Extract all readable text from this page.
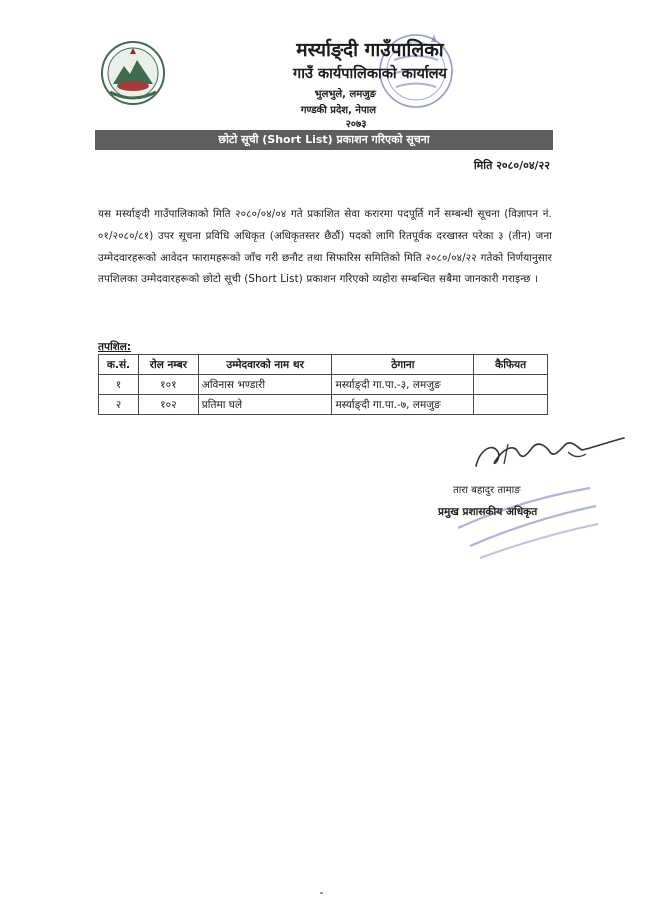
मर्स्याङ्दी गाउँपालिका
गाउँ कार्यपालिकाको कार्यालय
भुलभुले, लमजुङ
गण्डकी प्रदेश, नेपाल
२०७३
छोटो सूची (Short List) प्रकाशन गरिएको सूचना
मिति २०८०/०४/२२
यस मर्स्याङ्दी गाउँपालिकाको मिति २०८०/०४/०४ गते प्रकाशित सेवा करारमा पदपूर्ति गर्ने सम्बन्धी सूचना (विज्ञापन नं. ०१/२०८०/८१) उपर सूचना प्रविधि अधिकृत (अधिकृतस्तर छैठौं) पदको लागि रितपूर्वक दरखास्त परेका ३ (तीन) जना उम्मेदवारहरूको आवेदन फारामहरूको जाँच गरी छनौट तथा सिफारिस समितिको मिति २०८०/०४/२२ गतेको निर्णयानुसार तपशिलका उम्मेदवारहरूको छोटो सूची (Short List) प्रकाशन गरिएको व्यहोरा सम्बन्धित सबैमा जानकारी गराइन्छ ।
तपशिल:
क.सं.	रोल नम्बर	उम्मेदवारको नाम थर	ठेगाना	कैफियत
१	१०१	अविनास भण्डारी	मर्स्याङ्दी गा.पा.-३, लमजुङ	
२	१०२	प्रतिमा घले	मर्स्याङ्दी गा.पा.-७, लमजुङ	
तारा बहादुर तामाङ
प्रमुख प्रशासकीय अधिकृत
